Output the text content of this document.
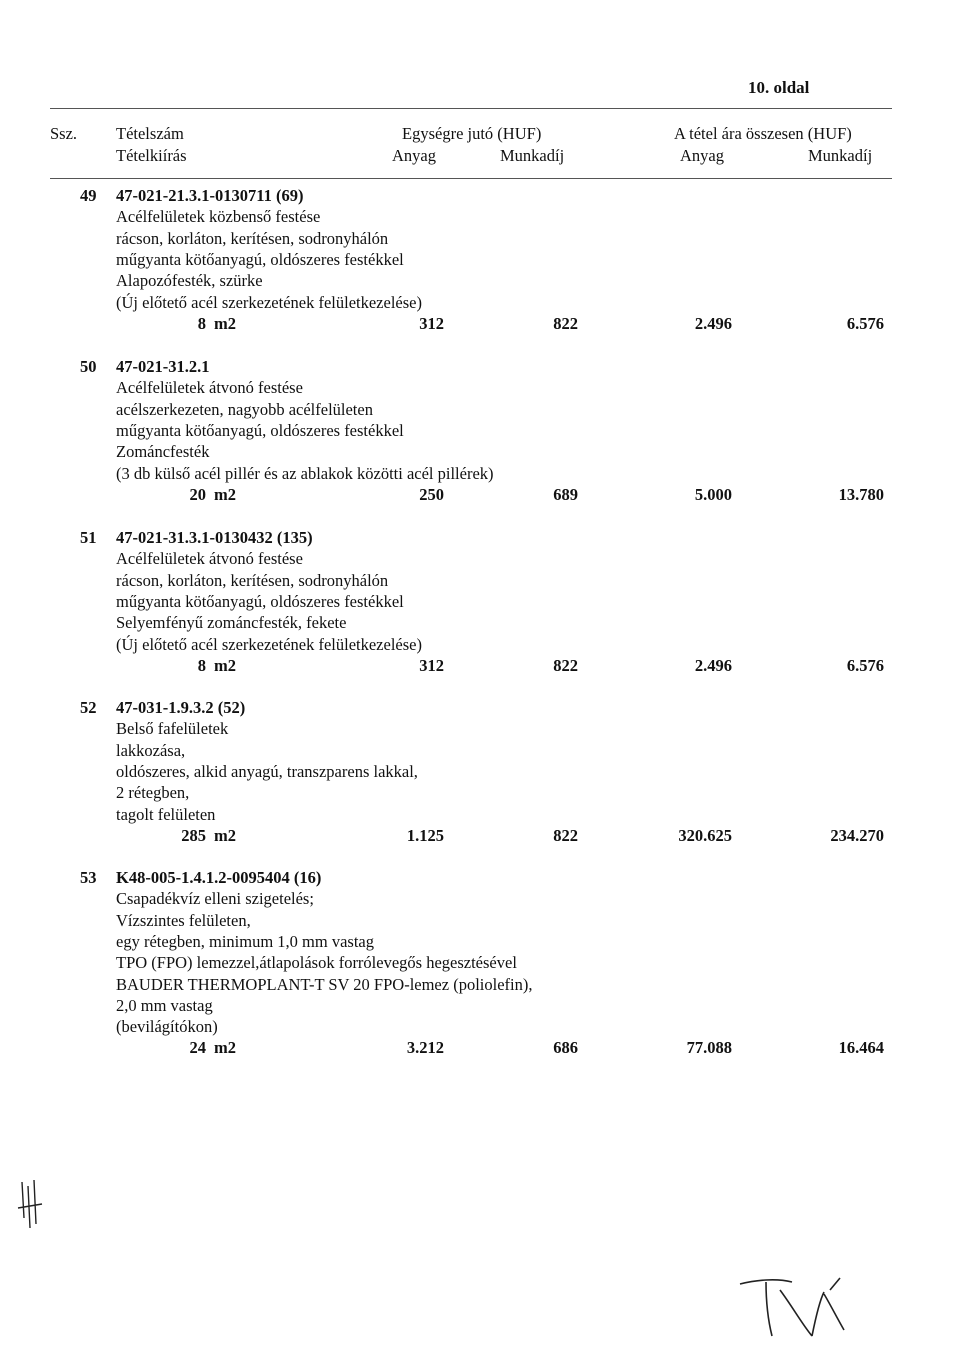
10. oldal
Ssz. Tételszám
Tételkiírás
Egységre jutó (HUF)
Anyag	Munkadíj
A tétel ára összesen (HUF)
Anyag	Munkadíj
49 47-021-21.3.1-0130711 (69)
Acélfelületek közbenső festése
rácson, korláton, kerítésen, sodronyhálón
műgyanta kötőanyagú, oldószeres festékkel
Alapozófesték, szürke
(Új előtető acél szerkezetének felületkezelése)
8 m2	312	822	2.496	6.576
50 47-021-31.2.1
Acélfelületek átvonó festése
acélszerkezeten, nagyobb acélfelületen
műgyanta kötőanyagú, oldószeres festékkel
Zománcfesték
(3 db külső acél pillér és az ablakok közötti acél pillérek)
20 m2	250	689	5.000	13.780
51 47-021-31.3.1-0130432 (135)
Acélfelületek átvonó festése
rácson, korláton, kerítésen, sodronyhálón
műgyanta kötőanyagú, oldószeres festékkel
Selyemfényű zománcfesték, fekete
(Új előtető acél szerkezetének felületkezelése)
8 m2	312	822	2.496	6.576
52 47-031-1.9.3.2 (52)
Belső fafelületek
lakkozása,
oldószeres, alkid anyagú, transzparens lakkal,
2 rétegben,
tagolt felületen
285 m2	1.125	822	320.625	234.270
53 K48-005-1.4.1.2-0095404 (16)
Csapadékvíz elleni szigetelés;
Vízszintes felületen,
egy rétegben, minimum 1,0 mm vastag
TPO (FPO) lemezzel,átlapolások forrólevegős hegesztésével
BAUDER THERMOPLANT-T SV 20 FPO-lemez (poliolefin),
2,0 mm vastag
(bevilágítókon)
24 m2	3.212	686	77.088	16.464
